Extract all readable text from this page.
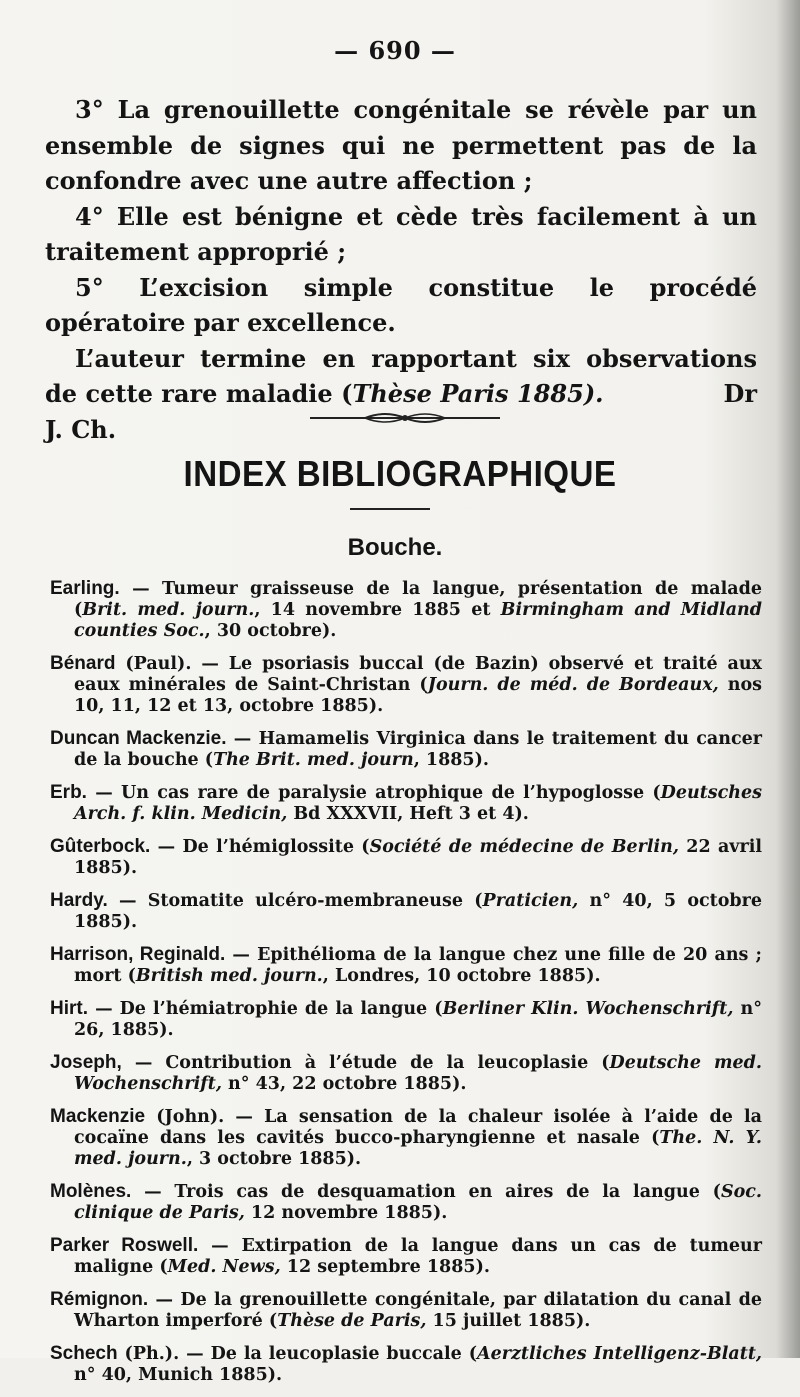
— 690 —

3° La grenouillette congénitale se révèle par un ensemble de signes qui ne permettent pas de la confondre avec une autre affection ;

4° Elle est bénigne et cède très facilement à un traitement approprié ;

5° L’excision simple constitue le procédé opératoire par excellence.

L’auteur termine en rapportant six observations de cette rare maladie (Thèse Paris 1885).	Dr J. Ch.

INDEX BIBLIOGRAPHIQUE
Bouche.

Earling. — Tumeur graisseuse de la langue, présentation de malade (Brit. med. journ., 14 novembre 1885 et Birmingham and Midland counties Soc., 30 octobre).

Bénard (Paul). — Le psoriasis buccal (de Bazin) observé et traité aux eaux minérales de Saint-Christan (Journ. de méd. de Bordeaux, nos 10, 11, 12 et 13, octobre 1885).

Duncan Mackenzie. — Hamamelis Virginica dans le traitement du cancer de la bouche (The Brit. med. journ, 1885).

Erb. — Un cas rare de paralysie atrophique de l’hypoglosse (Deutsches Arch. f. klin. Medicin, Bd XXXVII, Heft 3 et 4).

Gûterbock. — De l’hémiglossite (Société de médecine de Berlin, 22 avril 1885).

Hardy. — Stomatite ulcéro-membraneuse (Praticien, n° 40, 5 octobre 1885).

Harrison, Reginald. — Epithélioma de la langue chez une fille de 20 ans ; mort (British med. journ., Londres, 10 octobre 1885).

Hirt. — De l’hémiatrophie de la langue (Berliner Klin. Wochenschrift, n° 26, 1885).

Joseph, — Contribution à l’étude de la leucoplasie (Deutsche med. Wochenschrift, n° 43, 22 octobre 1885).

Mackenzie (John). — La sensation de la chaleur isolée à l’aide de la cocaïne dans les cavités bucco-pharyngienne et nasale (The. N. Y. med. journ., 3 octobre 1885).

Molènes. — Trois cas de desquamation en aires de la langue (Soc. clinique de Paris, 12 novembre 1885).

Parker Roswell. — Extirpation de la langue dans un cas de tumeur maligne (Med. News, 12 septembre 1885).

Rémignon. — De la grenouillette congénitale, par dilatation du canal de Wharton imperforé (Thèse de Paris, 15 juillet 1885).

Schech (Ph.). — De la leucoplasie buccale (Aerztliches Intelligenz-Blatt, n° 40, Munich 1885).
